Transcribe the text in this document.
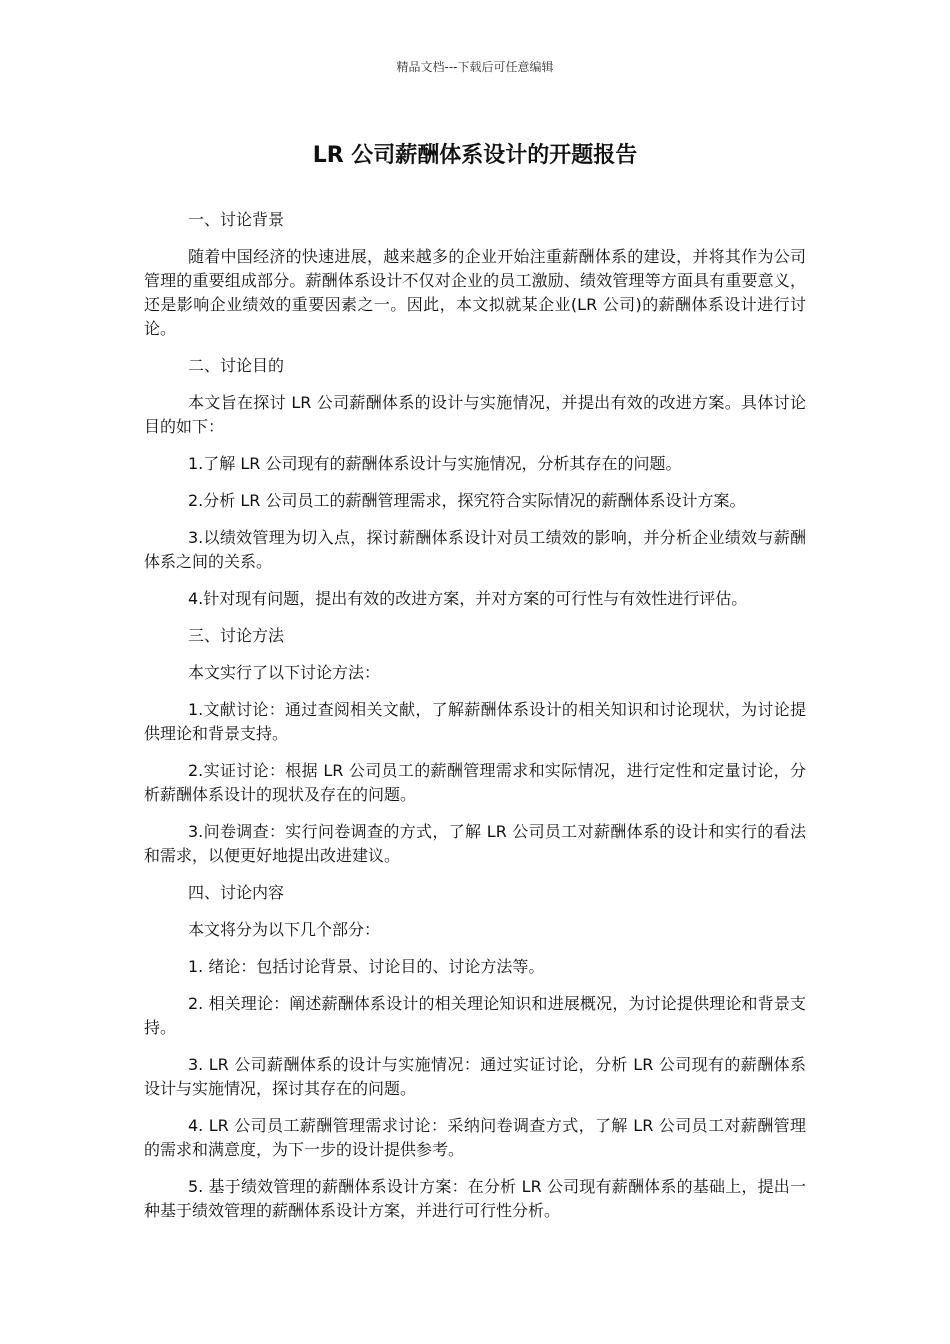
精品文档---下载后可任意编辑
LR 公司薪酬体系设计的开题报告

一、讨论背景

随着中国经济的快速进展，越来越多的企业开始注重薪酬体系的建设，并将其作为公司管理的重要组成部分。薪酬体系设计不仅对企业的员工激励、绩效管理等方面具有重要意义，还是影响企业绩效的重要因素之一。因此，本文拟就某企业(LR 公司)的薪酬体系设计进行讨论。

二、讨论目的

本文旨在探讨 LR 公司薪酬体系的设计与实施情况，并提出有效的改进方案。具体讨论目的如下：

1.了解 LR 公司现有的薪酬体系设计与实施情况，分析其存在的问题。

2.分析 LR 公司员工的薪酬管理需求，探究符合实际情况的薪酬体系设计方案。

3.以绩效管理为切入点，探讨薪酬体系设计对员工绩效的影响，并分析企业绩效与薪酬体系之间的关系。

4.针对现有问题，提出有效的改进方案，并对方案的可行性与有效性进行评估。

三、讨论方法

本文实行了以下讨论方法：

1.文献讨论：通过查阅相关文献，了解薪酬体系设计的相关知识和讨论现状，为讨论提供理论和背景支持。

2.实证讨论：根据 LR 公司员工的薪酬管理需求和实际情况，进行定性和定量讨论，分析薪酬体系设计的现状及存在的问题。

3.问卷调查：实行问卷调查的方式，了解 LR 公司员工对薪酬体系的设计和实行的看法和需求，以便更好地提出改进建议。

四、讨论内容

本文将分为以下几个部分：

1. 绪论：包括讨论背景、讨论目的、讨论方法等。

2. 相关理论：阐述薪酬体系设计的相关理论知识和进展概况，为讨论提供理论和背景支持。

3. LR 公司薪酬体系的设计与实施情况：通过实证讨论，分析 LR 公司现有的薪酬体系设计与实施情况，探讨其存在的问题。

4. LR 公司员工薪酬管理需求讨论：采纳问卷调查方式，了解 LR 公司员工对薪酬管理的需求和满意度，为下一步的设计提供参考。

5. 基于绩效管理的薪酬体系设计方案：在分析 LR 公司现有薪酬体系的基础上，提出一种基于绩效管理的薪酬体系设计方案，并进行可行性分析。
